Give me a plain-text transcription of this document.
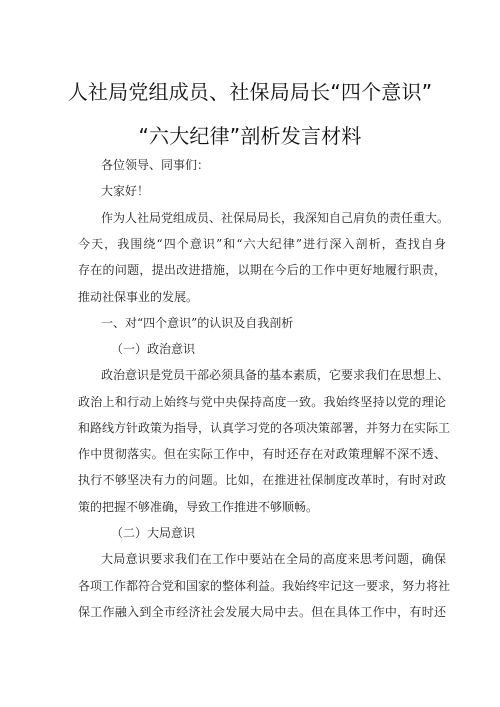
人社局党组成员、社保局局长“四个意识”
“六大纪律”剖析发言材料
各位领导、同事们：
大家好！
作为人社局党组成员、社保局局长，我深知自己肩负的责任重大。
今天，我围绕“四个意识”和“六大纪律”进行深入剖析，查找自身
存在的问题，提出改进措施，以期在今后的工作中更好地履行职责，
推动社保事业的发展。
一、对“四个意识”的认识及自我剖析
（一）政治意识
政治意识是党员干部必须具备的基本素质，它要求我们在思想上、
政治上和行动上始终与党中央保持高度一致。我始终坚持以党的理论
和路线方针政策为指导，认真学习党的各项决策部署，并努力在实际工
作中贯彻落实。但在实际工作中，有时还存在对政策理解不深不透、
执行不够坚决有力的问题。比如，在推进社保制度改革时，有时对政
策的把握不够准确，导致工作推进不够顺畅。
（二）大局意识
大局意识要求我们在工作中要站在全局的高度来思考问题，确保
各项工作都符合党和国家的整体利益。我始终牢记这一要求，努力将社
保工作融入到全市经济社会发展大局中去。但在具体工作中，有时还
